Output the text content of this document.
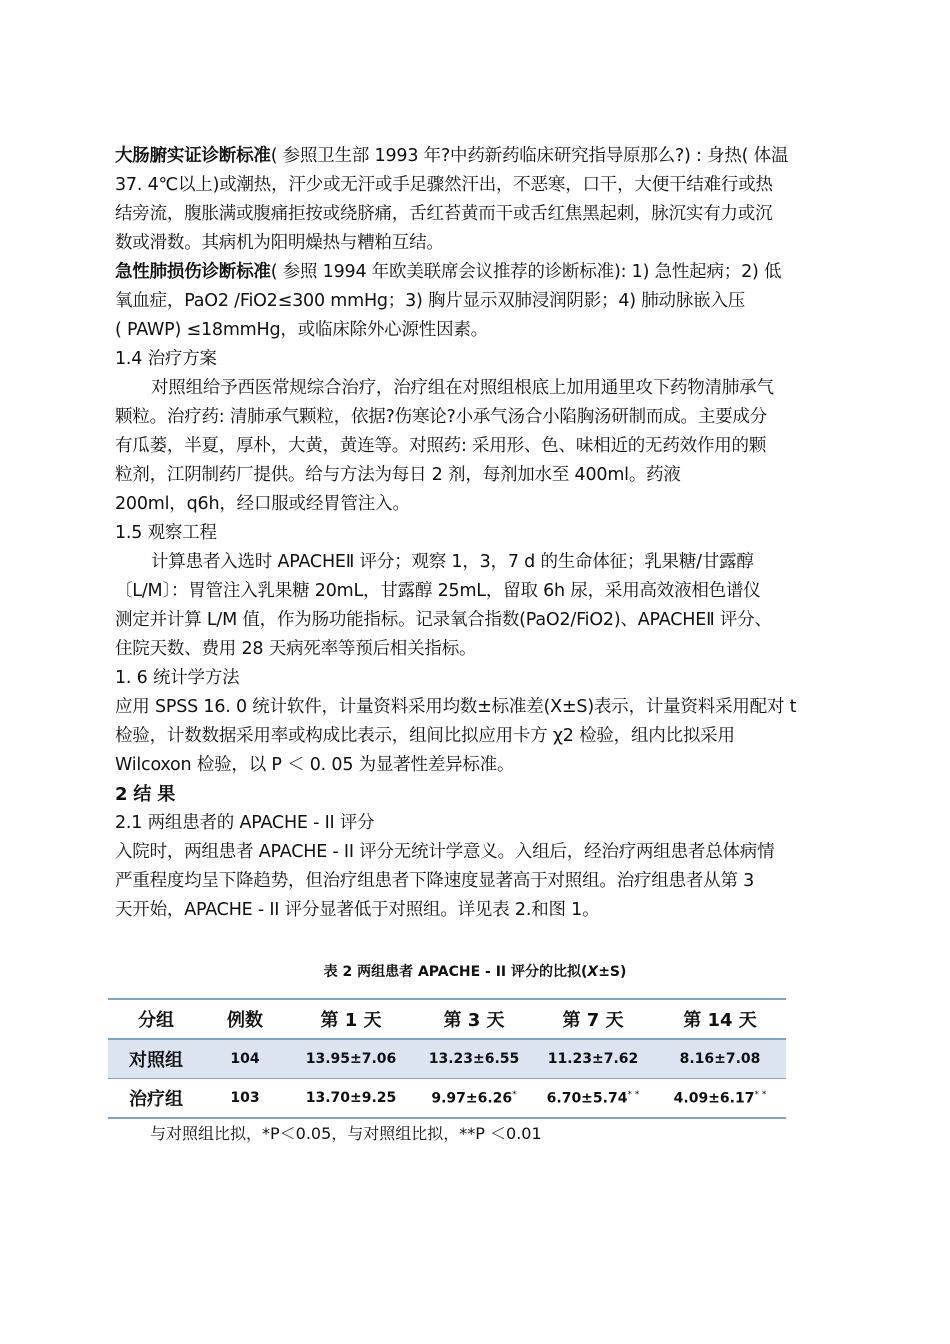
大肠腑实证诊断标准( 参照卫生部 1993 年?中药新药临床研究指导原那么?) : 身热( 体温
37. 4℃以上)或潮热，汗少或无汗或手足骤然汗出，不恶寒，口干，大便干结难行或热
结旁流，腹胀满或腹痛拒按或绕脐痛，舌红苔黄而干或舌红焦黑起刺，脉沉实有力或沉
数或滑数。其病机为阳明燥热与糟粕互结。
急性肺损伤诊断标准( 参照 1994 年欧美联席会议推荐的诊断标准): 1) 急性起病；2) 低
氧血症，PaO2 /FiO2≤300 mmHg；3) 胸片显示双肺浸润阴影；4) 肺动脉嵌入压
( PAWP) ≤18mmHg，或临床除外心源性因素。
1.4 治疗方案
对照组给予西医常规综合治疗，治疗组在对照组根底上加用通里攻下药物清肺承气
颗粒。治疗药: 清肺承气颗粒，依据?伤寒论?小承气汤合小陷胸汤研制而成。主要成分
有瓜蒌，半夏，厚朴，大黄，黄连等。对照药: 采用形、色、味相近的无药效作用的颗
粒剂，江阴制药厂提供。给与方法为每日 2 剂，每剂加水至 400ml。药液
200ml，q6h，经口服或经胃管注入。
1.5 观察工程
计算患者入选时 APACHEⅡ 评分；观察 1，3，7 d 的生命体征；乳果糖/甘露醇
〔L/M〕：胃管注入乳果糖 20mL，甘露醇 25mL，留取 6h 尿，采用高效液相色谱仪
测定并计算 L/M 值，作为肠功能指标。记录氧合指数(PaO2/FiO2)、APACHEⅡ 评分、
住院天数、费用 28 天病死率等预后相关指标。
1. 6 统计学方法
应用 SPSS 16. 0 统计软件，计量资料采用均数±标准差(X±S)表示，计量资料采用配对 t
检验，计数数据采用率或构成比表示，组间比拟应用卡方 χ2 检验，组内比拟采用
Wilcoxon 检验，以 P ＜ 0. 05 为显著性差异标准。
2 结 果
2.1 两组患者的 APACHE - II 评分
入院时，两组患者 APACHE - II 评分无统计学意义。入组后，经治疗两组患者总体病情
严重程度均呈下降趋势，但治疗组患者下降速度显著高于对照组。治疗组患者从第 3
天开始，APACHE - II 评分显著低于对照组。详见表 2.和图 1。
表 2 两组患者 APACHE - II 评分的比拟(X±S)
分组	例数	第 1 天	第 3 天	第 7 天	第 14 天
对照组	104	13.95±7.06	13.23±6.55	11.23±7.62	8.16±7.08
治疗组	103	13.70±9.25	9.97±6.26*	6.70±5.74* *	4.09±6.17* *
与对照组比拟，*P＜0.05，与对照组比拟，**P ＜0.01
